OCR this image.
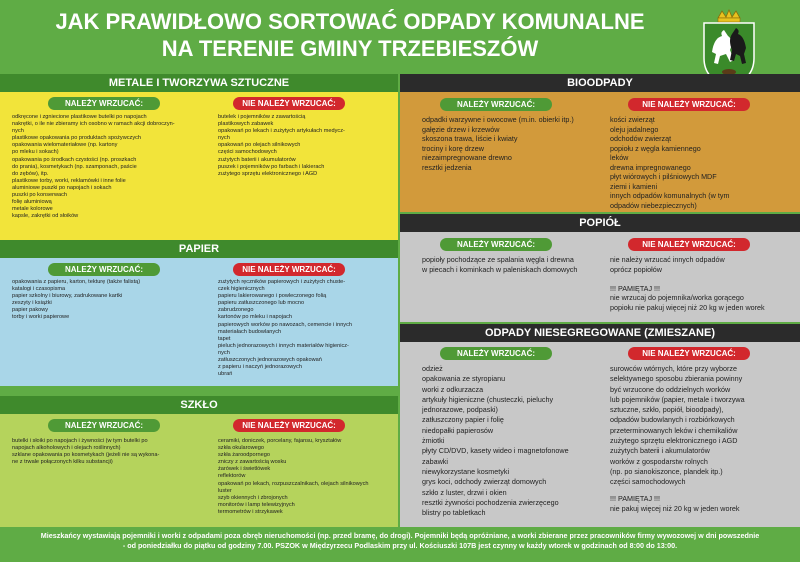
JAK PRAWIDŁOWO SORTOWAĆ ODPADY KOMUNALNE
NA TERENIE GMINY TRZEBIESZÓW
METALE I TWORZYWA SZTUCZNE
NALEŻY WRZUCAĆ:	NIE NALEŻY WRZUCAĆ:
odkręcone i zgniecione plastikowe butelki po napojach
nakrętki, o ile nie zbieramy ich osobno w ramach akcji dobroczyn-
nych
plastikowe opakowania po produktach spożywczych
opakowania wielomateriałowe (np. kartony
po mleku i sokach)
opakowania po środkach czystości (np. proszkach
do prania), kosmetykach (np. szamponach, paście
do zębów), itp.
plastikowe torby, worki, reklamówki i inne folie
aluminiowe puszki po napojach i sokach
puszki po konserwach
folię aluminiową
metale kolorowe
kapsle, zakrętki od słoików
butelek i pojemników z zawartością
plastikowych zabawek
opakowań po lekach i zużytych artykułach medycz-
nych
opakowań po olejach silnikowych
części samochodowych
zużytych baterii i akumulatorów
puszek i pojemników po farbach i lakierach
zużytego sprzętu elektronicznego i AGD
PAPIER
NALEŻY WRZUCAĆ:	NIE NALEŻY WRZUCAĆ:
opakowania z papieru, karton, tekturę (także falistą)
katalogi i czasopisma
papier szkolny i biurowy, zadrukowane kartki
zeszyty i książki
papier pakowy
torby i worki papierowe
zużytych ręczników papierowych i zużytych chuste-
czek higienicznych
papieru lakierowanego i powleczonego folią
papieru zatłuszczonego lub mocno
zabrudzonego
kartonów po mleku i napojach
papierowych worków po nawozach, cemencie i innych
materiałach budowlanych
tapet
pieluch jednorazowych i innych materiałów higienicz-
nych
zatłuszczonych jednorazowych opakowań
z papieru i naczyń jednorazowych
ubrań
SZKŁO
NALEŻY WRZUCAĆ:	NIE NALEŻY WRZUCAĆ:
butelki i słoiki po napojach i żywności (w tym butelki po
napojach alkoholowych i olejach roślinnych)
szklane opakowania po kosmetykach (jeżeli nie są wykona-
ne z trwale połączonych kilku substancji)
ceramiki, doniczek, porcelany, fajansu, kryształów
szkła okularowego
szkła żaroodpornego
zniczy z zawartością wosku
żarówek i świetlówek
reflektorów
opakowań po lekach, rozpuszczalnikach, olejach silnikowych
luster
szyb okiennych i zbrojonych
monitorów i lamp telewizyjnych
termometrów i strzykawek
BIOODPADY
NALEŻY WRZUCAĆ:	NIE NALEŻY WRZUCAĆ:
odpadki warzywne i owocowe (m.in. obierki itp.)
gałęzie drzew i krzewów
skoszona trawa, liście i kwiaty
trociny i korę drzew
niezaimpregnowane drewno
resztki jedzenia
kości zwierząt
oleju jadalnego
odchodów zwierząt
popiołu z węgla kamiennego
leków
drewna impregnowanego
płyt wiórowych i pilśniowych MDF
ziemi i kamieni
innych odpadów komunalnych (w tym
odpadów niebezpiecznych)
POPIÓŁ
NALEŻY WRZUCAĆ:	NIE NALEŻY WRZUCAĆ:
popioły pochodzące ze spalania węgla i drewna
w piecach i kominkach w paleniskach domowych
nie należy wrzucać innych odpadów
oprócz popiołów
!!! PAMIĘTAJ !!!
nie wrzucaj do pojemnika/worka gorącego
popiołu nie pakuj więcej niż 20 kg w jeden worek
ODPADY NIESEGREGOWANE (ZMIESZANE)
NALEŻY WRZUCAĆ:	NIE NALEŻY WRZUCAĆ:
odzież
opakowania ze styropianu
worki z odkurzacza
artykuły higieniczne (chusteczki, pieluchy
jednorazowe, podpaski)
zatłuszczony papier i folię
niedopałki papierosów
żmiotki
płyty CD/DVD, kasety wideo i magnetofonowe
zabawki
niewykorzystane kosmetyki
grys koci, odchody zwierząt domowych
szkło z luster, drzwi i okien
resztki żywności pochodzenia zwierzęcego
blistry po tabletkach
surowców wtórnych, które przy wyborze
selektywnego sposobu zbierania powinny
być wrzucone do oddzielnych worków
lub pojemników (papier, metale i tworzywa
sztuczne, szkło, popiół, bioodpady),
odpadów budowlanych i rozbiórkowych
przeterminowanych leków i chemikaliów
zużytego sprzętu elektronicznego i AGD
zużytych baterii i akumulatorów
worków z gospodarstw rolnych
(np. po sianokiszonce, plandek itp.)
części samochodowych
!!! PAMIĘTAJ !!!
nie pakuj więcej niż 20 kg w jeden worek

Mieszkańcy wystawiają pojemniki i worki z odpadami poza obręb nieruchomości (np. przed bramę, do drogi). Pojemniki będą opróżniane, a worki zbierane przez pracowników firmy wywozowej w dni powszednie
- od poniedziałku do piątku od godziny 7.00. PSZOK w Międzyrzecu Podlaskim przy ul. Kościuszki 107B jest czynny w każdy wtorek w godzinach od 8:00 do 13:00.
